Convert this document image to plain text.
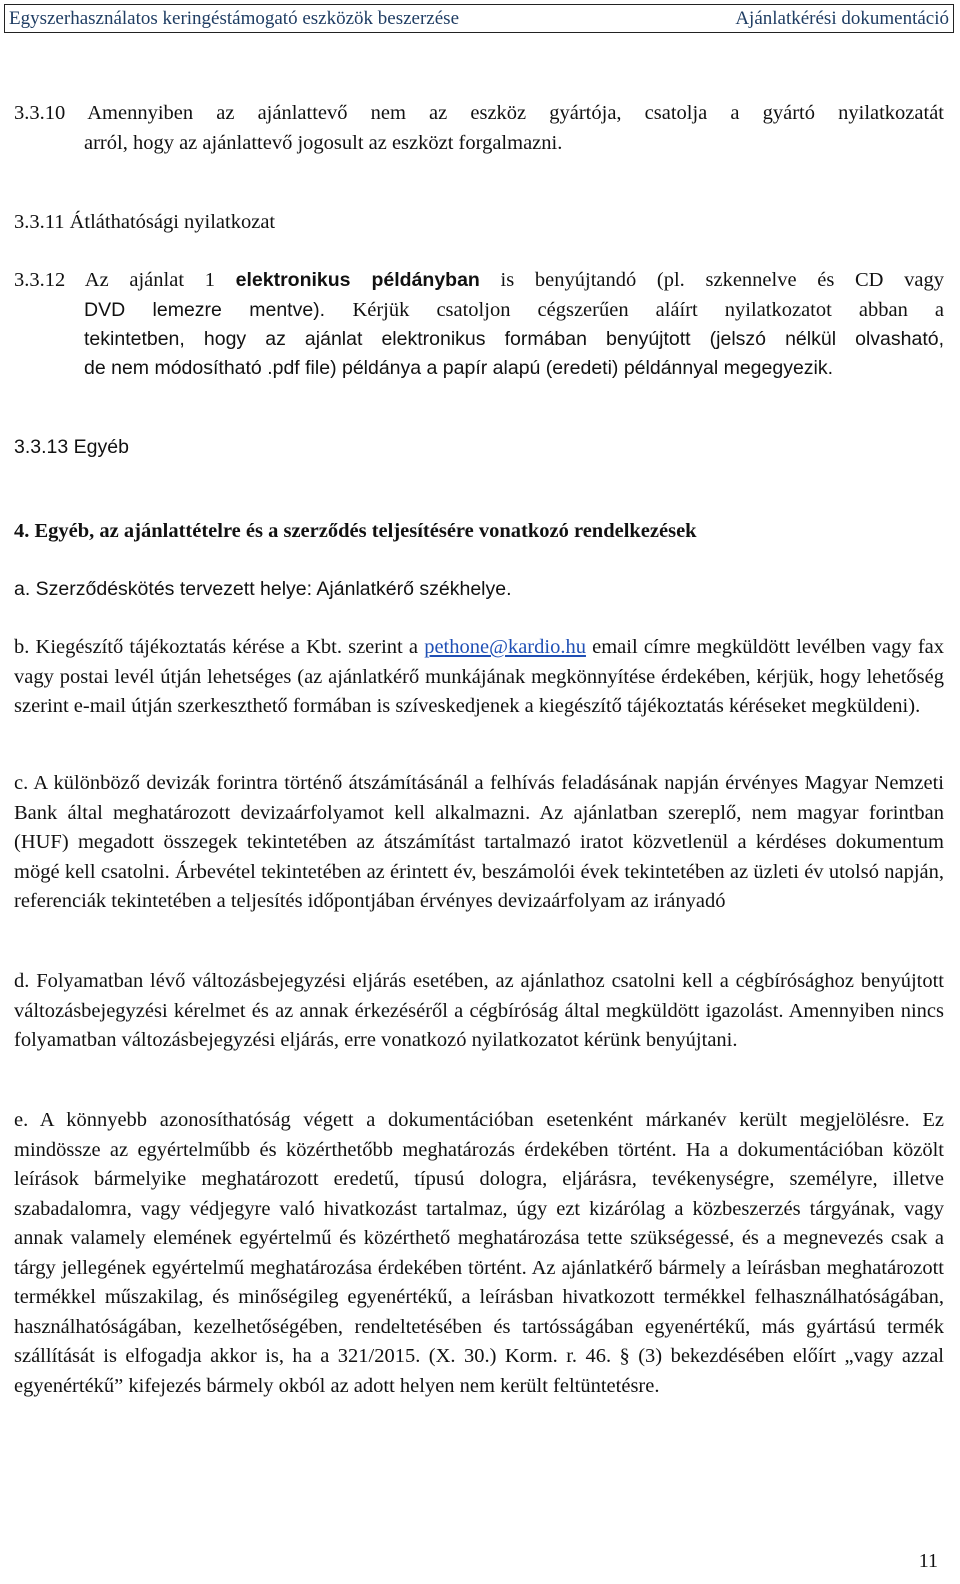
Egyszerhasználatos keringéstámogató eszközök beszerzése	Ajánlatkérési dokumentáció

3.3.10 Amennyiben az ajánlattevő nem az eszköz gyártója, csatolja a gyártó nyilatkozatát

arról, hogy az ajánlattevő jogosult az eszközt forgalmazni.

3.3.11 Átláthatósági nyilatkozat

3.3.12 Az ajánlat 1 elektronikus példányban is benyújtandó (pl. szkennelve és CD vagy

DVD lemezre mentve). Kérjük csatoljon cégszerűen aláírt nyilatkozatot abban a

tekintetben, hogy az ajánlat elektronikus formában benyújtott (jelszó nélkül olvasható,

de nem módosítható .pdf file) példánya a papír alapú (eredeti) példánnyal megegyezik.

3.3.13 Egyéb

4. Egyéb, az ajánlattételre és a szerződés teljesítésére vonatkozó rendelkezések

a. Szerződéskötés tervezett helye: Ajánlatkérő székhelye.

b. Kiegészítő tájékoztatás kérése a Kbt. szerint a pethone@kardio.hu email címre megküldött levélben vagy fax vagy postai levél útján lehetséges (az ajánlatkérő munkájának megkönnyítése érdekében, kérjük, hogy lehetőség szerint e-mail útján szerkeszthető formában is szíveskedjenek a kiegészítő tájékoztatás kéréseket megküldeni).

c. A különböző devizák forintra történő átszámításánál a felhívás feladásának napján érvényes Magyar Nemzeti Bank által meghatározott devizaárfolyamot kell alkalmazni. Az ajánlatban szereplő, nem magyar forintban (HUF) megadott összegek tekintetében az átszámítást tartalmazó iratot közvetlenül a kérdéses dokumentum mögé kell csatolni. Árbevétel tekintetében az érintett év, beszámolói évek tekintetében az üzleti év utolsó napján, referenciák tekintetében a teljesítés időpontjában érvényes devizaárfolyam az irányadó

d. Folyamatban lévő változásbejegyzési eljárás esetében, az ajánlathoz csatolni kell a cégbírósághoz benyújtott változásbejegyzési kérelmet és az annak érkezéséről a cégbíróság által megküldött igazolást. Amennyiben nincs folyamatban változásbejegyzési eljárás, erre vonatkozó nyilatkozatot kérünk benyújtani.

e. A könnyebb azonosíthatóság végett a dokumentációban esetenként márkanév került megjelölésre. Ez mindössze az egyértelműbb és közérthetőbb meghatározás érdekében történt. Ha a dokumentációban közölt leírások bármelyike meghatározott eredetű, típusú dologra, eljárásra, tevékenységre, személyre, illetve szabadalomra, vagy védjegyre való hivatkozást tartalmaz, úgy ezt kizárólag a közbeszerzés tárgyának, vagy annak valamely elemének egyértelmű és közérthető meghatározása tette szükségessé, és a megnevezés csak a tárgy jellegének egyértelmű meghatározása érdekében történt. Az ajánlatkérő bármely a leírásban meghatározott termékkel műszakilag, és minőségileg egyenértékű, a leírásban hivatkozott termékkel felhasználhatóságában, használhatóságában, kezelhetőségében, rendeltetésében és tartósságában egyenértékű, más gyártású termék szállítását is elfogadja akkor is, ha a 321/2015. (X. 30.) Korm. r. 46. § (3) bekezdésében előírt „vagy azzal egyenértékű” kifejezés bármely okból az adott helyen nem került feltüntetésre.

11
